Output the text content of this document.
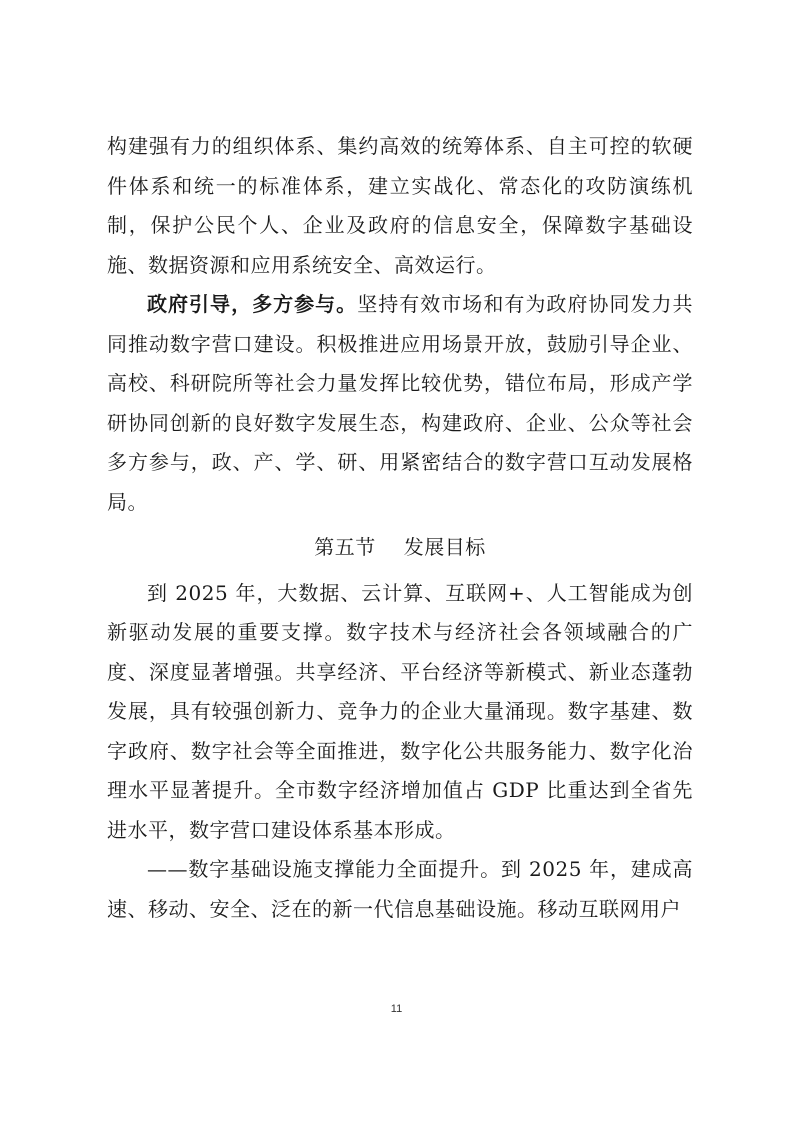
构建强有力的组织体系、集约高效的统筹体系、自主可控的软硬件体系和统一的标准体系，建立实战化、常态化的攻防演练机制，保护公民个人、企业及政府的信息安全，保障数字基础设施、数据资源和应用系统安全、高效运行。

政府引导，多方参与。坚持有效市场和有为政府协同发力共同推动数字营口建设。积极推进应用场景开放，鼓励引导企业、高校、科研院所等社会力量发挥比较优势，错位布局，形成产学研协同创新的良好数字发展生态，构建政府、企业、公众等社会多方参与，政、产、学、研、用紧密结合的数字营口互动发展格局。

第五节 发展目标

到 2025 年，大数据、云计算、互联网+、人工智能成为创新驱动发展的重要支撑。数字技术与经济社会各领域融合的广度、深度显著增强。共享经济、平台经济等新模式、新业态蓬勃发展，具有较强创新力、竞争力的企业大量涌现。数字基建、数字政府、数字社会等全面推进，数字化公共服务能力、数字化治理水平显著提升。全市数字经济增加值占 GDP 比重达到全省先进水平，数字营口建设体系基本形成。

——数字基础设施支撑能力全面提升。到 2025 年，建成高速、移动、安全、泛在的新一代信息基础设施。移动互联网用户

11
